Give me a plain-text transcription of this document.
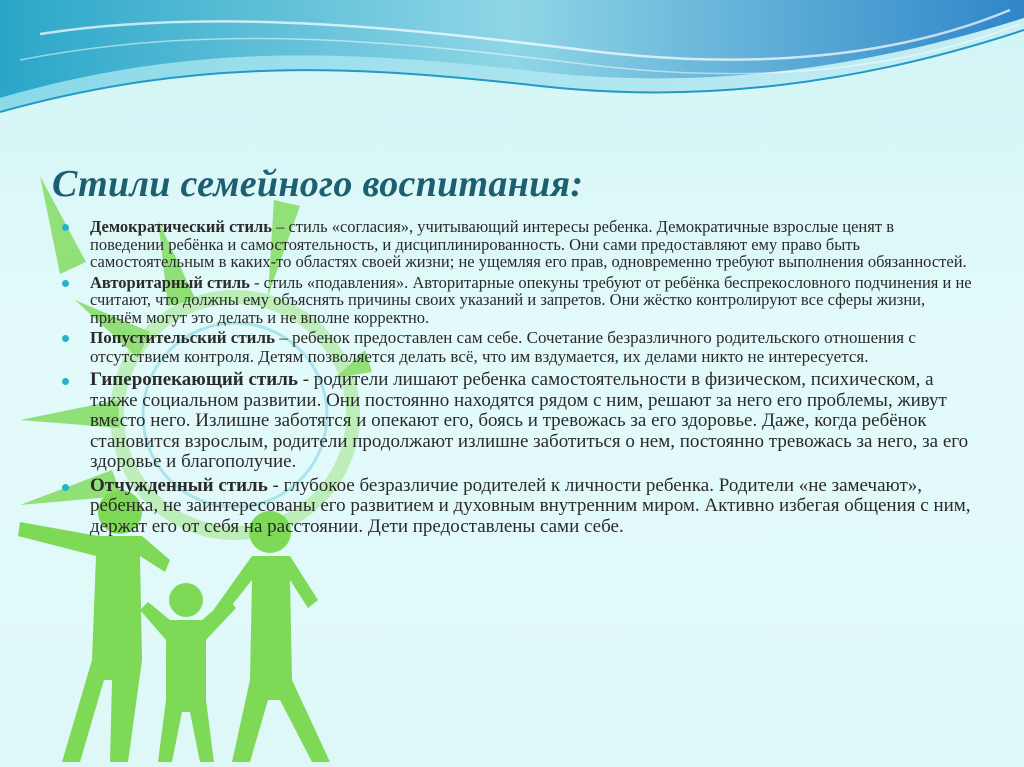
Стили семейного воспитания:
Демократический стиль – стиль «согласия», учитывающий интересы ребенка. Демократичные взрослые ценят в поведении ребёнка и самостоятельность, и дисциплинированность. Они сами предоставляют ему право быть самостоятельным в каких-то областях своей жизни; не ущемляя его прав, одновременно требуют выполнения обязанностей.
Авторитарный стиль - стиль «подавления». Авторитарные опекуны требуют от ребёнка беспрекословного подчинения и не считают, что должны ему объяснять причины своих указаний и запретов. Они жёстко контролируют все сферы жизни, причём могут это делать и не вполне корректно.
Попустительский стиль – ребенок предоставлен сам себе. Сочетание безразличного родительского отношения с отсутствием контроля. Детям позволяется делать всё, что им вздумается, их делами никто не интересуется.
Гиперопекающий стиль - родители лишают ребенка самостоятельности в физическом, психическом, а также социальном развитии. Они постоянно находятся рядом с ним, решают за него его проблемы, живут вместо него. Излишне заботятся и опекают его, боясь и тревожась за его здоровье. Даже, когда ребёнок становится взрослым, родители продолжают излишне заботиться о нем, постоянно тревожась за него, за его здоровье и благополучие.
Отчужденный стиль - глубокое безразличие родителей к личности ребенка. Родители «не замечают», ребенка, не заинтересованы его развитием и духовным внутренним миром. Активно избегая общения с ним, держат его от себя на расстоянии. Дети предоставлены сами себе.
